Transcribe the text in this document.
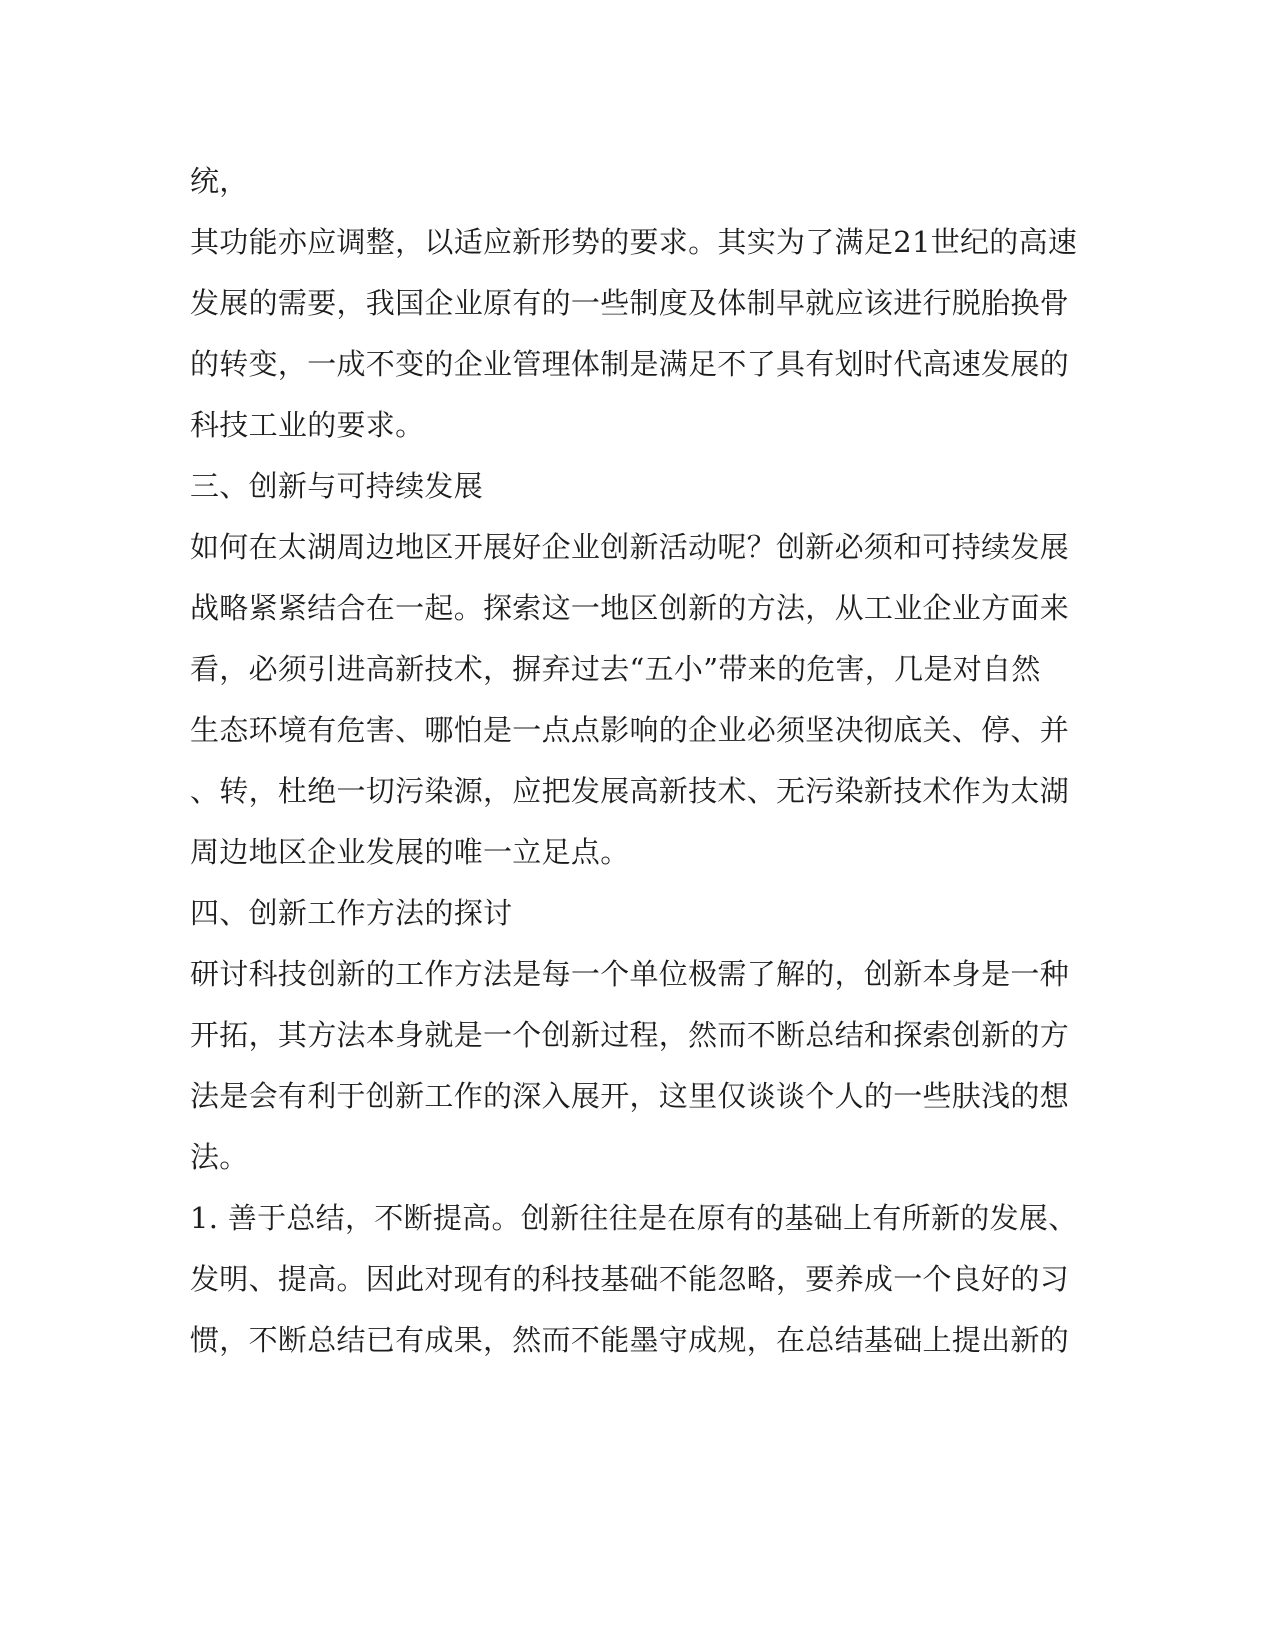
统，
其功能亦应调整，以适应新形势的要求。其实为了满足21世纪的高速
发展的需要，我国企业原有的一些制度及体制早就应该进行脱胎换骨
的转变，一成不变的企业管理体制是满足不了具有划时代高速发展的
科技工业的要求。
三、创新与可持续发展
如何在太湖周边地区开展好企业创新活动呢？创新必须和可持续发展
战略紧紧结合在一起。探索这一地区创新的方法，从工业企业方面来
看，必须引进高新技术，摒弃过去“五小”带来的危害，几是对自然
生态环境有危害、哪怕是一点点影响的企业必须坚决彻底关、停、并
、转，杜绝一切污染源，应把发展高新技术、无污染新技术作为太湖
周边地区企业发展的唯一立足点。
四、创新工作方法的探讨
研讨科技创新的工作方法是每一个单位极需了解的，创新本身是一种
开拓，其方法本身就是一个创新过程，然而不断总结和探索创新的方
法是会有利于创新工作的深入展开，这里仅谈谈个人的一些肤浅的想
法。
1. 善于总结，不断提高。创新往往是在原有的基础上有所新的发展、
发明、提高。因此对现有的科技基础不能忽略，要养成一个良好的习
惯，不断总结已有成果，然而不能墨守成规，在总结基础上提出新的
